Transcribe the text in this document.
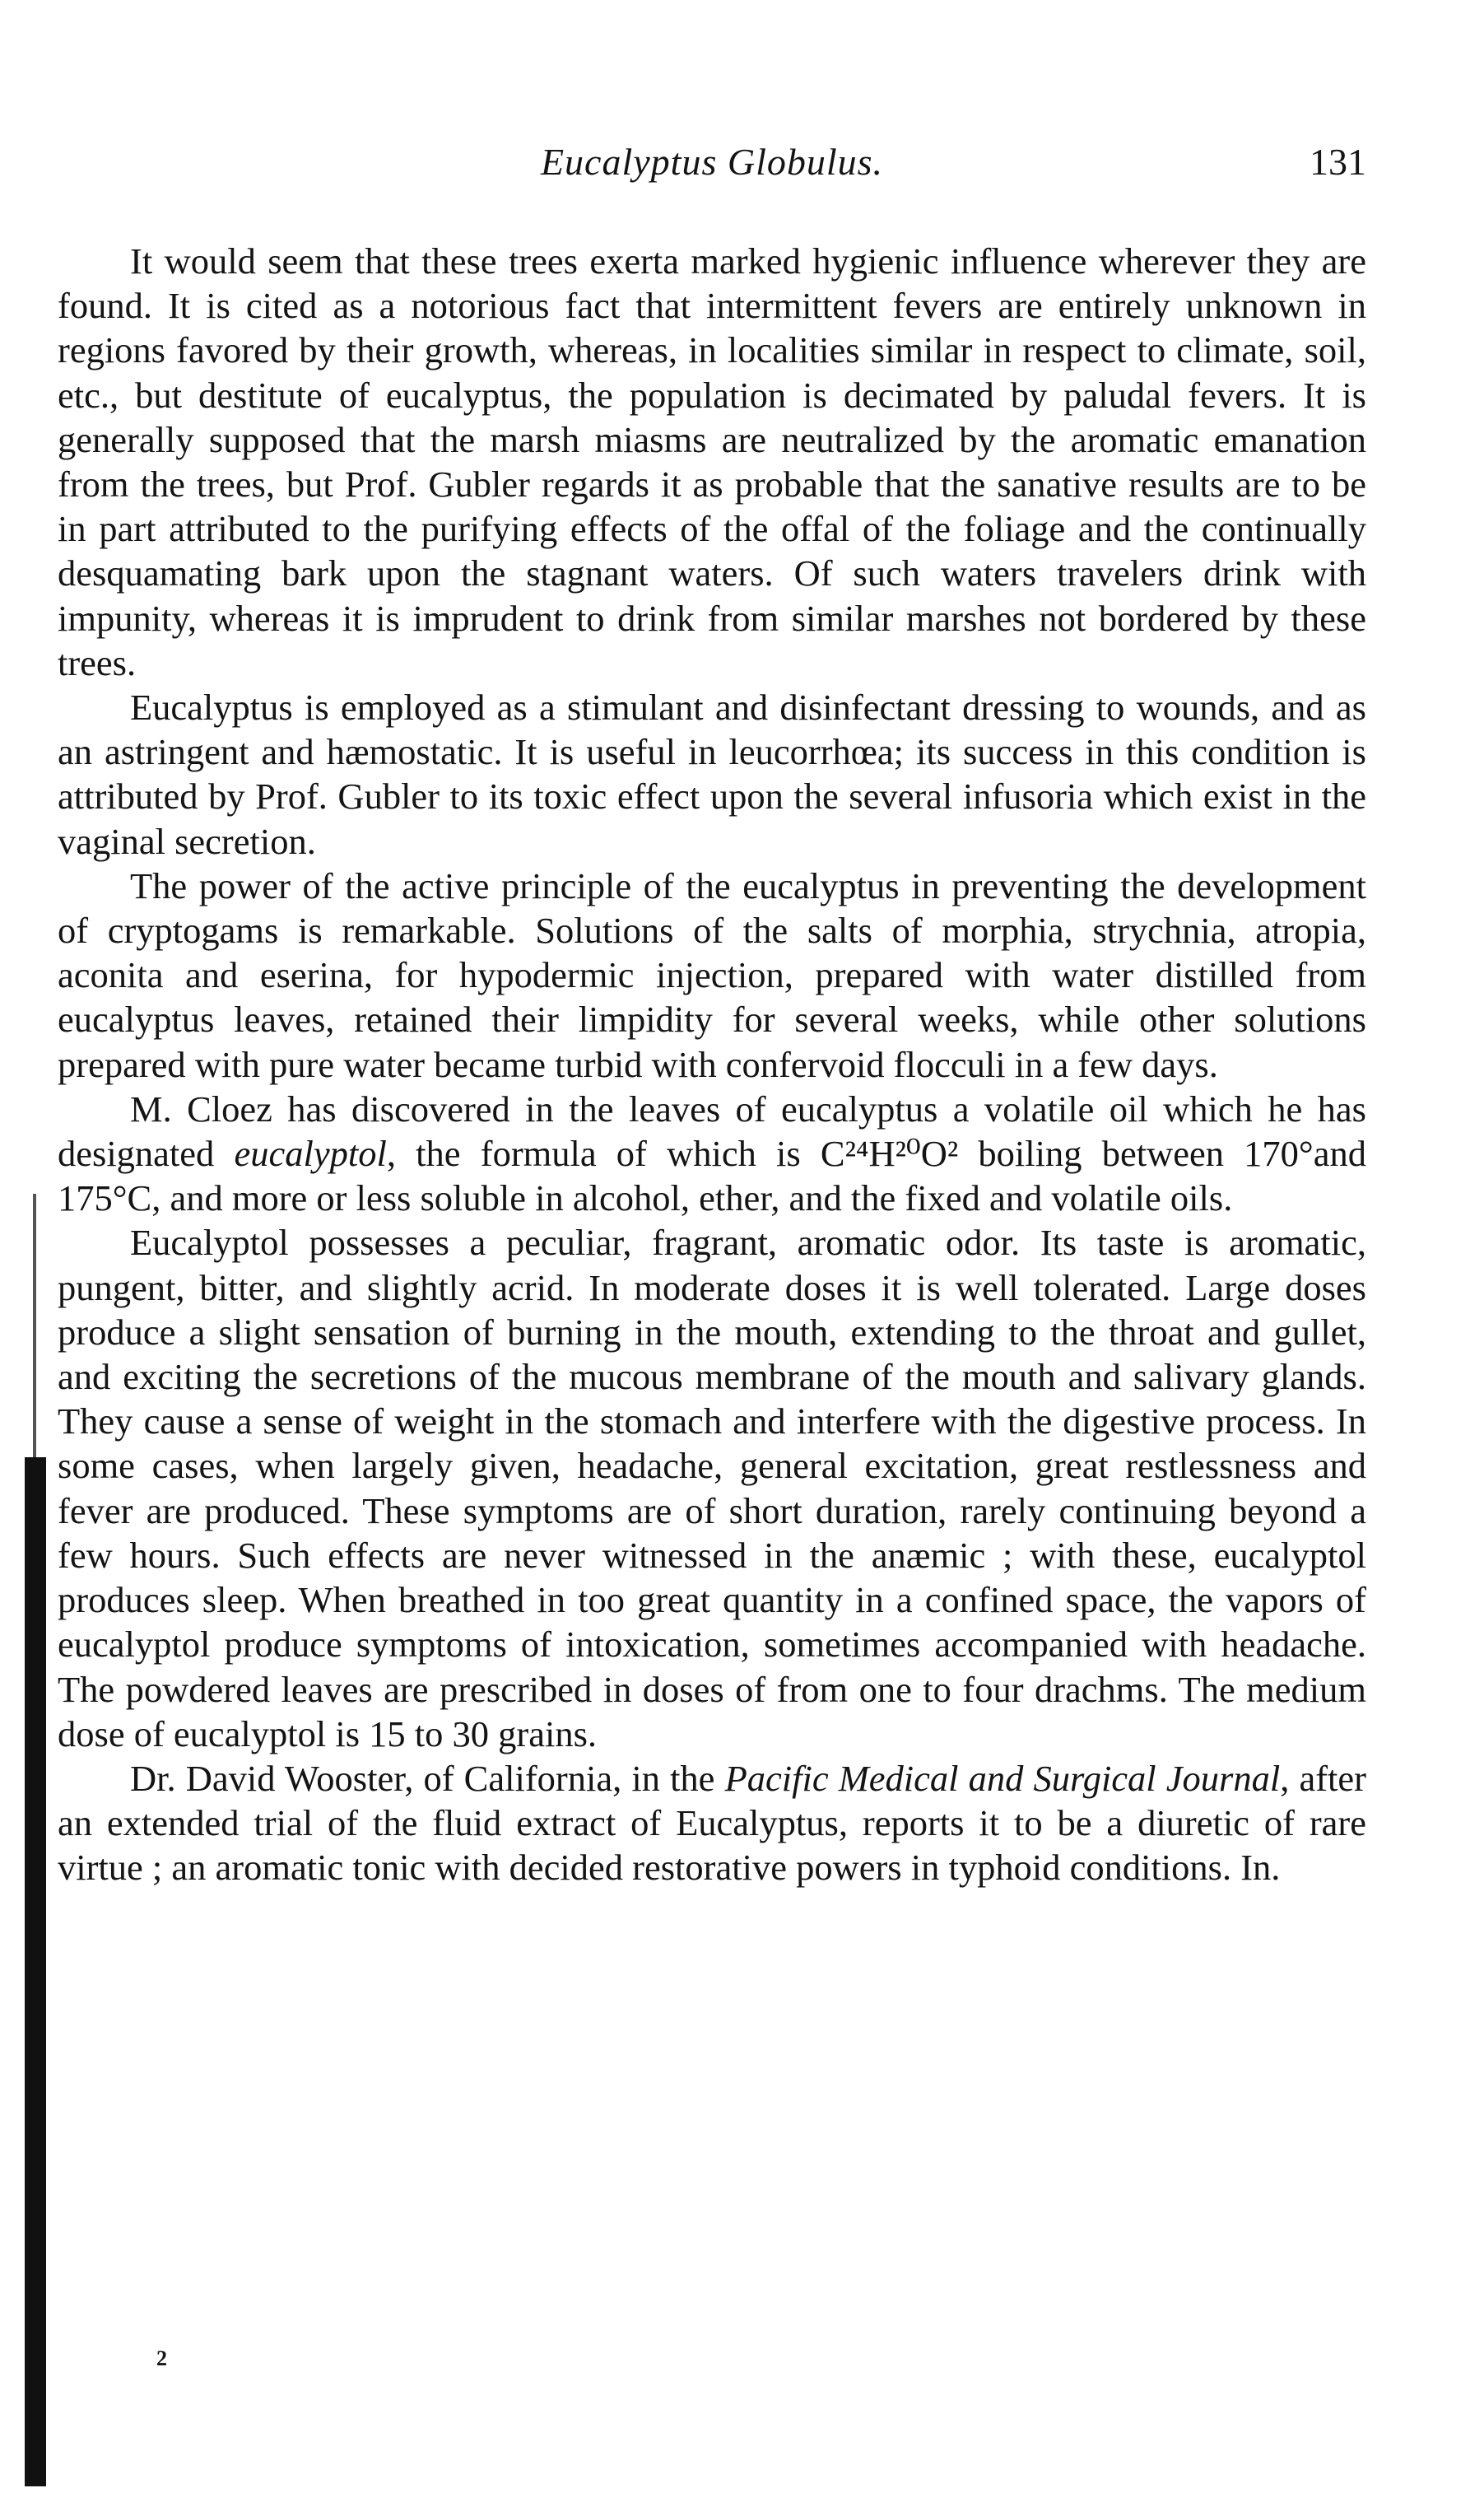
Eucalyptus Globulus.	131

It would seem that these trees exerta marked hygienic influence wherever they are found. It is cited as a notorious fact that intermittent fevers are entirely unknown in regions favored by their growth, whereas, in localities similar in respect to climate, soil, etc., but destitute of eucalyptus, the population is decimated by paludal fevers. It is generally supposed that the marsh miasms are neutralized by the aromatic emanation from the trees, but Prof. Gubler regards it as probable that the sanative results are to be in part attributed to the purifying effects of the offal of the foliage and the continually desquamating bark upon the stagnant waters. Of such waters travelers drink with impunity, whereas it is imprudent to drink from similar marshes not bordered by these trees.

Eucalyptus is employed as a stimulant and disinfectant dressing to wounds, and as an astringent and hæmostatic. It is useful in leucorrhœa; its success in this condition is attributed by Prof. Gubler to its toxic effect upon the several infusoria which exist in the vaginal secretion.

The power of the active principle of the eucalyptus in preventing the development of cryptogams is remarkable. Solutions of the salts of morphia, strychnia, atropia, aconita and eserina, for hypodermic injection, prepared with water distilled from eucalyptus leaves, retained their limpidity for several weeks, while other solutions prepared with pure water became turbid with confervoid flocculi in a few days.

M. Cloez has discovered in the leaves of eucalyptus a volatile oil which he has designated eucalyptol, the formula of which is C²⁴H²⁰O² boiling between 170°and 175°C, and more or less soluble in alcohol, ether, and the fixed and volatile oils.

Eucalyptol possesses a peculiar, fragrant, aromatic odor. Its taste is aromatic, pungent, bitter, and slightly acrid. In moderate doses it is well tolerated. Large doses produce a slight sensation of burning in the mouth, extending to the throat and gullet, and exciting the secretions of the mucous membrane of the mouth and salivary glands. They cause a sense of weight in the stomach and interfere with the digestive process. In some cases, when largely given, headache, general excitation, great restlessness and fever are produced. These symptoms are of short duration, rarely continuing beyond a few hours. Such effects are never witnessed in the anæmic ; with these, eucalyptol produces sleep. When breathed in too great quantity in a confined space, the vapors of eucalyptol produce symptoms of intoxication, sometimes accompanied with headache. The powdered leaves are prescribed in doses of from one to four drachms. The medium dose of eucalyptol is 15 to 30 grains.

Dr. David Wooster, of California, in the Pacific Medical and Surgical Journal, after an extended trial of the fluid extract of Eucalyptus, reports it to be a diuretic of rare virtue ; an aromatic tonic with decided restorative powers in typhoid conditions. In.

2
